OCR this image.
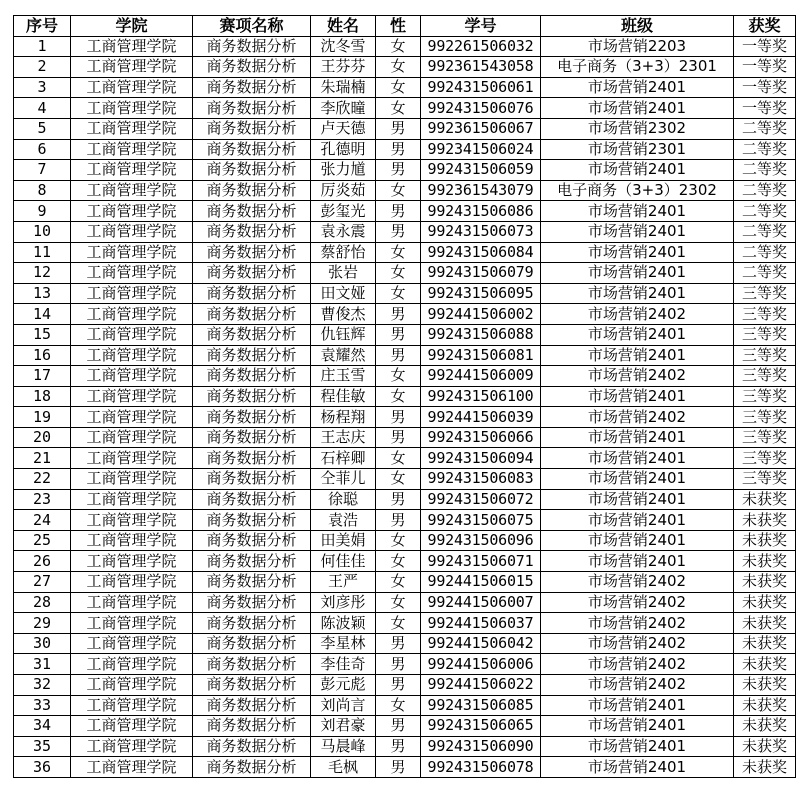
序号	学院	赛项名称	姓名	性	学号	班级	获奖
1	工商管理学院	商务数据分析	沈冬雪	女	992261506032	市场营销2203	一等奖
2	工商管理学院	商务数据分析	王芬芬	女	992361543058	电子商务（3+3）2301	一等奖
3	工商管理学院	商务数据分析	朱瑞楠	女	992431506061	市场营销2401	一等奖
4	工商管理学院	商务数据分析	李欣曈	女	992431506076	市场营销2401	一等奖
5	工商管理学院	商务数据分析	卢天德	男	992361506067	市场营销2302	二等奖
6	工商管理学院	商务数据分析	孔德明	男	992341506024	市场营销2301	二等奖
7	工商管理学院	商务数据分析	张力馗	男	992431506059	市场营销2401	二等奖
8	工商管理学院	商务数据分析	厉炎茹	女	992361543079	电子商务（3+3）2302	二等奖
9	工商管理学院	商务数据分析	彭玺光	男	992431506086	市场营销2401	二等奖
10	工商管理学院	商务数据分析	袁永震	男	992431506073	市场营销2401	二等奖
11	工商管理学院	商务数据分析	蔡舒怡	女	992431506084	市场营销2401	二等奖
12	工商管理学院	商务数据分析	张岩	女	992431506079	市场营销2401	二等奖
13	工商管理学院	商务数据分析	田文娅	女	992431506095	市场营销2401	三等奖
14	工商管理学院	商务数据分析	曹俊杰	男	992441506002	市场营销2402	三等奖
15	工商管理学院	商务数据分析	仇钰辉	男	992431506088	市场营销2401	三等奖
16	工商管理学院	商务数据分析	袁耀然	男	992431506081	市场营销2401	三等奖
17	工商管理学院	商务数据分析	庄玉雪	女	992441506009	市场营销2402	三等奖
18	工商管理学院	商务数据分析	程佳敏	女	992431506100	市场营销2401	三等奖
19	工商管理学院	商务数据分析	杨程翔	男	992441506039	市场营销2402	三等奖
20	工商管理学院	商务数据分析	王志庆	男	992431506066	市场营销2401	三等奖
21	工商管理学院	商务数据分析	石梓卿	女	992431506094	市场营销2401	三等奖
22	工商管理学院	商务数据分析	仝菲儿	女	992431506083	市场营销2401	三等奖
23	工商管理学院	商务数据分析	徐聪	男	992431506072	市场营销2401	未获奖
24	工商管理学院	商务数据分析	袁浩	男	992431506075	市场营销2401	未获奖
25	工商管理学院	商务数据分析	田美娟	女	992431506096	市场营销2401	未获奖
26	工商管理学院	商务数据分析	何佳佳	女	992431506071	市场营销2401	未获奖
27	工商管理学院	商务数据分析	王严	女	992441506015	市场营销2402	未获奖
28	工商管理学院	商务数据分析	刘彦彤	女	992441506007	市场营销2402	未获奖
29	工商管理学院	商务数据分析	陈波颖	女	992441506037	市场营销2402	未获奖
30	工商管理学院	商务数据分析	李星林	男	992441506042	市场营销2402	未获奖
31	工商管理学院	商务数据分析	李佳奇	男	992441506006	市场营销2402	未获奖
32	工商管理学院	商务数据分析	彭元彪	男	992441506022	市场营销2402	未获奖
33	工商管理学院	商务数据分析	刘尚言	女	992431506085	市场营销2401	未获奖
34	工商管理学院	商务数据分析	刘君豪	男	992431506065	市场营销2401	未获奖
35	工商管理学院	商务数据分析	马晨峰	男	992431506090	市场营销2401	未获奖
36	工商管理学院	商务数据分析	毛枫	男	992431506078	市场营销2401	未获奖
